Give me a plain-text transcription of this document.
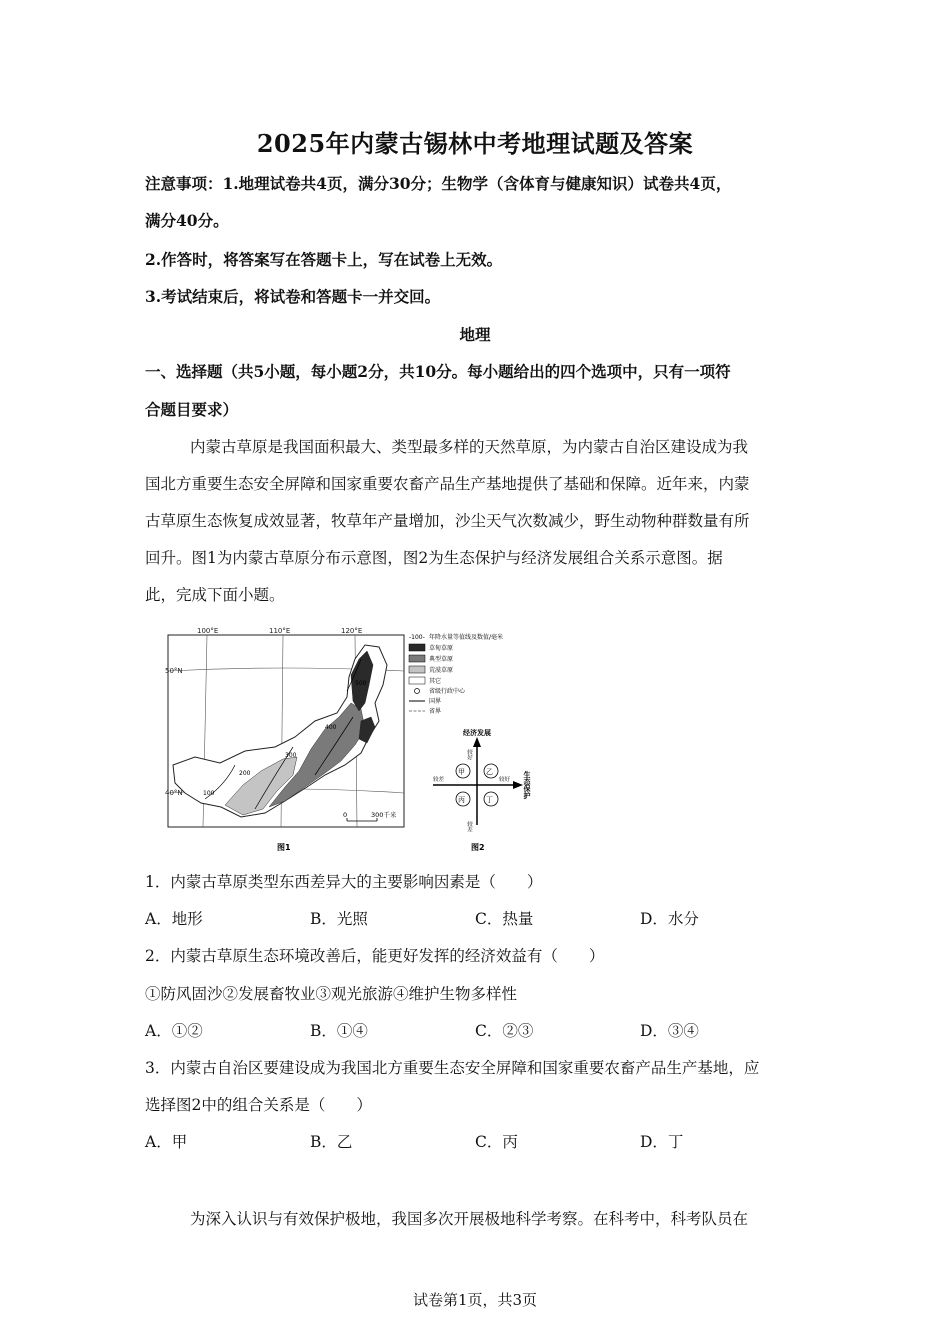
2025年内蒙古锡林中考地理试题及答案
注意事项：1.地理试卷共4页，满分30分；生物学（含体育与健康知识）试卷共4页，
满分40分。
2.作答时，将答案写在答题卡上，写在试卷上无效。
3.考试结束后，将试卷和答题卡一并交回。
地理
一、选择题（共5小题，每小题2分，共10分。每小题给出的四个选项中，只有一项符
合题目要求）
内蒙古草原是我国面积最大、类型最多样的天然草原，为内蒙古自治区建设成为我
国北方重要生态安全屏障和国家重要农畜产品生产基地提供了基础和保障。近年来，内蒙
古草原生态恢复成效显著，牧草年产量增加，沙尘天气次数减少，野生动物种群数量有所
回升。图1为内蒙古草原分布示意图，图2为生态保护与经济发展组合关系示意图。据
此，完成下面小题。
100°E	110°E	120°E
50°N
40°N	100
200
300
400
500
0	300千米
图1
-100- 年降水量等值线及数值/毫米
草甸草原
典型草原
荒漠草原
其它
省级行政中心
国界
省界
经济发展
生态保护
较好
较好
较差
较差
甲	乙
丙	丁
图2
1．内蒙古草原类型东西差异大的主要影响因素是（　　）
A．地形	B．光照	C．热量	D．水分
2．内蒙古草原生态环境改善后，能更好发挥的经济效益有（　　）
①防风固沙②发展畜牧业③观光旅游④维护生物多样性
A．①②	B．①④	C．②③	D．③④
3．内蒙古自治区要建设成为我国北方重要生态安全屏障和国家重要农畜产品生产基地，应
选择图2中的组合关系是（　　）
A．甲	B．乙	C．丙	D．丁
为深入认识与有效保护极地，我国多次开展极地科学考察。在科考中，科考队员在
试卷第1页，共3页
